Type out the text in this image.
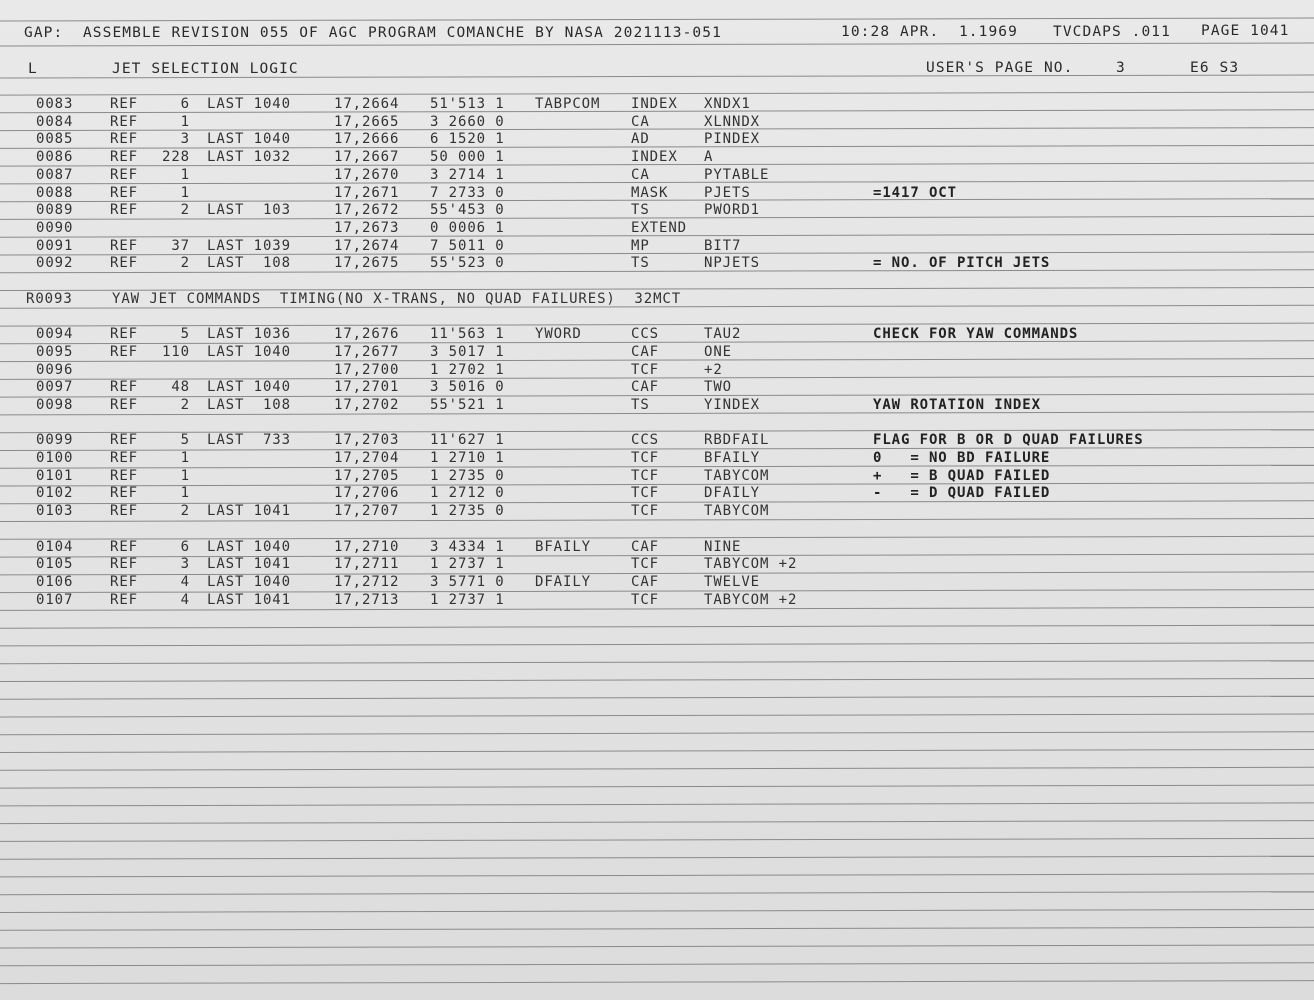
GAP:  ASSEMBLE REVISION 055 OF AGC PROGRAM COMANCHE BY NASA 2021113-051	10:28 APR.  1.1969 TVCDAPS .011 PAGE 1041
L	JET SELECTION LOGIC	USER'S PAGE NO.	3	E6 S3
0083	REF	6 LAST 1040	17,2664 51'513 1 TABPCOM INDEX XNDX1
0084	REF	1	17,2665 3 2660 0	CA	XLNNDX
0085	REF	3 LAST 1040	17,2666 6 1520 1	AD	PINDEX
0086	REF	228 LAST 1032	17,2667 50 000 1	INDEX A
0087	REF	1	17,2670 3 2714 1	CA	PYTABLE
0088	REF	1	17,2671 7 2733 0	MASK	PJETS	=1417 OCT
0089	REF	2 LAST  103	17,2672 55'453 0	TS	PWORD1
0090	17,2673 0 0006 1	EXTEND
0091	REF	37 LAST 1039	17,2674 7 5011 0	MP	BIT7
0092	REF	2 LAST  108	17,2675 55'523 0	TS	NPJETS	= NO. OF PITCH JETS
R0093	YAW JET COMMANDS  TIMING(NO X-TRANS, NO QUAD FAILURES)  32MCT
0094	REF	5 LAST 1036	17,2676 11'563 1 YWORD	CCS	TAU2	CHECK FOR YAW COMMANDS
0095	REF	110 LAST 1040	17,2677 3 5017 1	CAF	ONE
0096	17,2700 1 2702 1	TCF	+2
0097	REF	48 LAST 1040	17,2701 3 5016 0	CAF	TWO
0098	REF	2 LAST  108	17,2702 55'521 1	TS	YINDEX	YAW ROTATION INDEX
0099	REF	5 LAST  733	17,2703 11'627 1	CCS	RBDFAIL	FLAG FOR B OR D QUAD FAILURES
0100	REF	1	17,2704 1 2710 1	TCF	BFAILY	0   = NO BD FAILURE
0101	REF	1	17,2705 1 2735 0	TCF	TABYCOM	+   = B QUAD FAILED
0102	REF	1	17,2706 1 2712 0	TCF	DFAILY	-   = D QUAD FAILED
0103	REF	2 LAST 1041	17,2707 1 2735 0	TCF	TABYCOM
0104	REF	6 LAST 1040	17,2710 3 4334 1 BFAILY	CAF	NINE
0105	REF	3 LAST 1041	17,2711 1 2737 1	TCF	TABYCOM +2
0106	REF	4 LAST 1040	17,2712 3 5771 0 DFAILY	CAF	TWELVE
0107	REF	4 LAST 1041	17,2713 1 2737 1	TCF	TABYCOM +2
